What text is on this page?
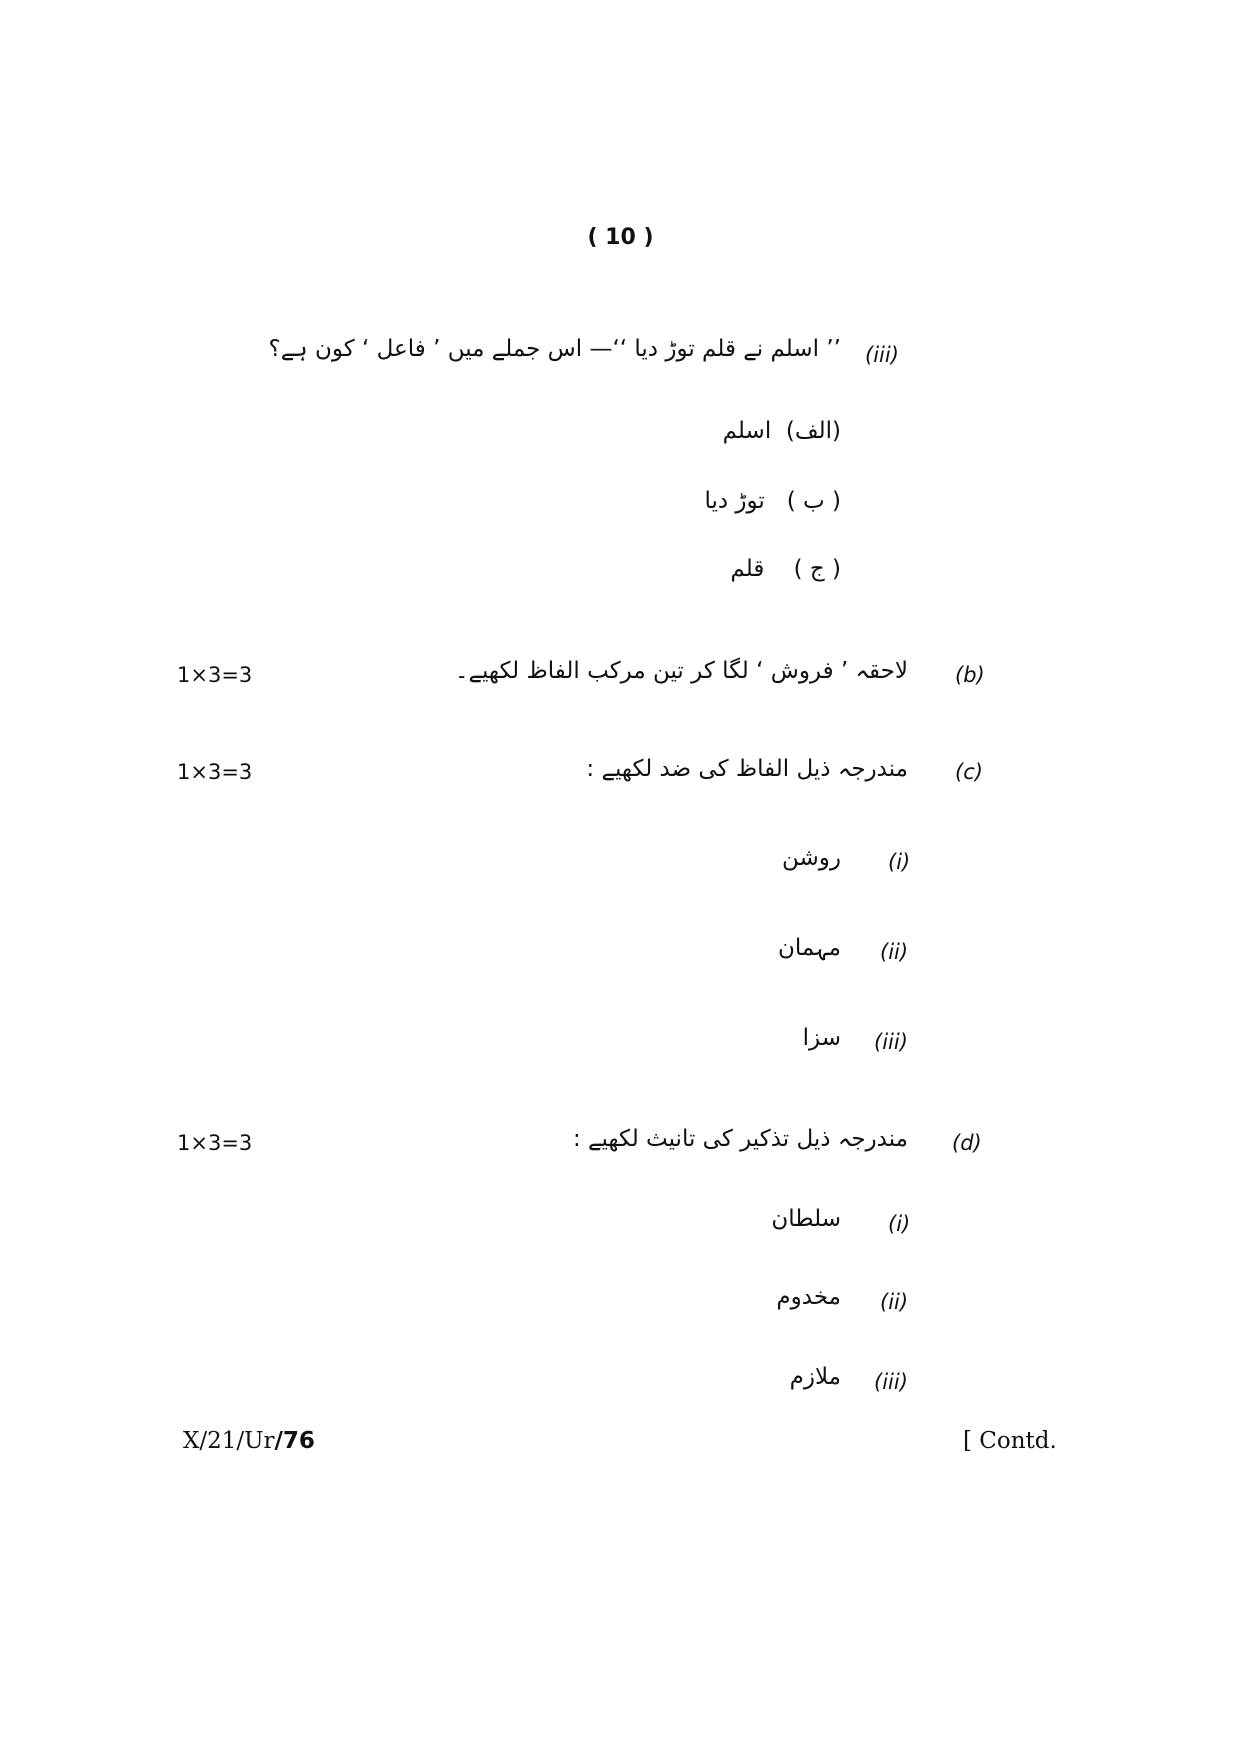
( 10 )
(iii)
’’ اسلم نے قلم توڑ دیا ‘‘— اس جملے میں ’ فاعل ‘ کون ہے؟
(الف)  اسلم
( ب )   توڑ دیا
( ج )    قلم
(b)
لاحقہ ’ فروش ‘ لگا کر تین مرکب الفاظ لکھیے۔
1×3=3
(c)
مندرجہ ذیل الفاظ کی ضد لکھیے :
1×3=3
(i)
روشن
(ii)
مہمان
(iii)
سزا
(d)
مندرجہ ذیل تذکیر کی تانیث لکھیے :
1×3=3
(i)
سلطان
(ii)
مخدوم
(iii)
ملازم
X/21/Ur/76	[ Contd.
